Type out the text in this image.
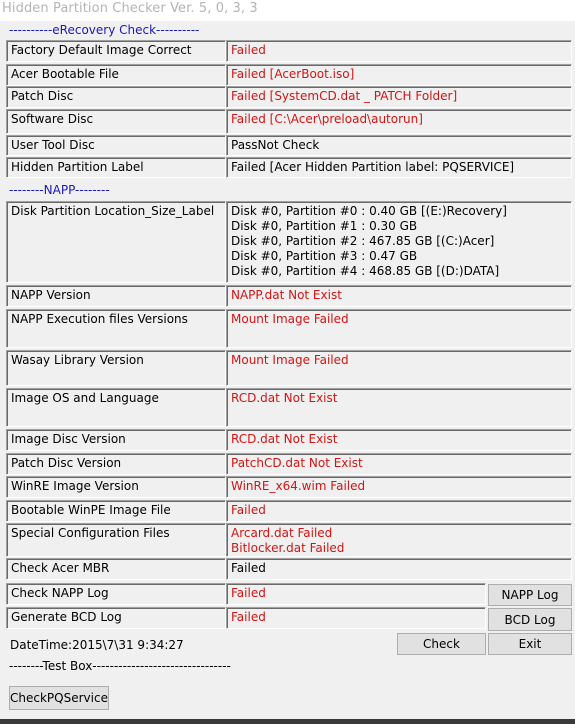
Hidden Partition Checker Ver. 5, 0, 3, 3
----------eRecovery Check----------
Factory Default Image Correct	Failed
Acer Bootable File	Failed [AcerBoot.iso]
Patch Disc	Failed [SystemCD.dat _ PATCH Folder]
Software Disc	Failed [C:\Acer\preload\autorun]
User Tool Disc	PassNot Check
Hidden Partition Label	Failed [Acer Hidden Partition label: PQSERVICE]
--------NAPP--------
Disk Partition Location_Size_Label	Disk #0, Partition #0 : 0.40 GB [(E:)Recovery]
Disk #0, Partition #1 : 0.30 GB
Disk #0, Partition #2 : 467.85 GB [(C:)Acer]
Disk #0, Partition #3 : 0.47 GB
Disk #0, Partition #4 : 468.85 GB [(D:)DATA]
NAPP Version	NAPP.dat Not Exist
NAPP Execution files Versions	Mount Image Failed
Wasay Library Version	Mount Image Failed
Image OS and Language	RCD.dat Not Exist
Image Disc Version	RCD.dat Not Exist
Patch Disc Version	PatchCD.dat Not Exist
WinRE Image Version	WinRE_x64.wim Failed
Bootable WinPE Image File	Failed
Special Configuration Files	Arcard.dat Failed
Bitlocker.dat Failed
Check Acer MBR	Failed
Check NAPP Log	Failed	NAPP Log
Generate BCD Log	Failed	BCD Log
DateTime:2015\7\31 9:34:27	Check	Exit
--------Test Box--------------------------------
CheckPQService
